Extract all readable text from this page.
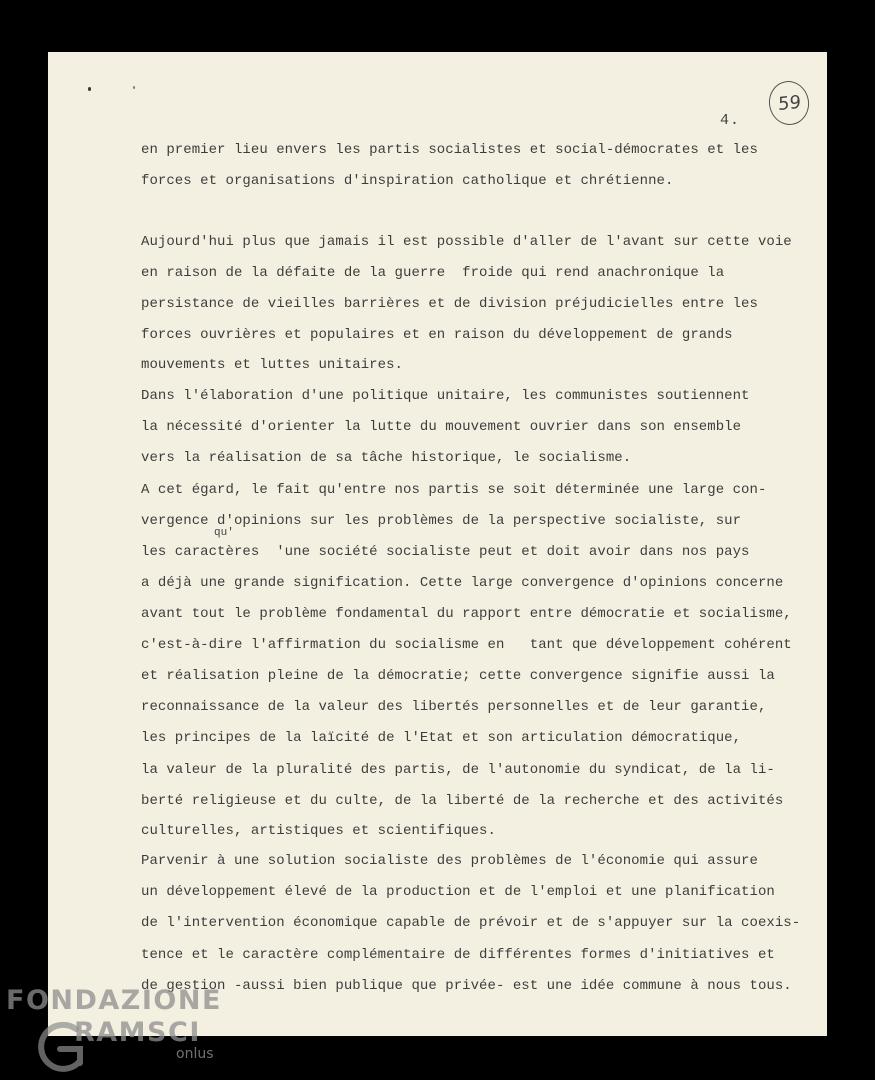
4.
59
en premier lieu envers les partis socialistes et social-démocrates et les
forces et organisations d'inspiration catholique et chrétienne.
Aujourd'hui plus que jamais il est possible d'aller de l'avant sur cette voie
en raison de la défaite de la guerre  froide qui rend anachronique la
persistance de vieilles barrières et de division préjudicielles entre les
forces ouvrières et populaires et en raison du développement de grands
mouvements et luttes unitaires.
Dans l'élaboration d'une politique unitaire, les communistes soutiennent
la nécessité d'orienter la lutte du mouvement ouvrier dans son ensemble
vers la réalisation de sa tâche historique, le socialisme.
A cet égard, le fait qu'entre nos partis se soit déterminée une large con-
vergence d'opinions sur les problèmes de la perspective socialiste, sur
qu'
les caractères  'une société socialiste peut et doit avoir dans nos pays
a déjà une grande signification. Cette large convergence d'opinions concerne
avant tout le problème fondamental du rapport entre démocratie et socialisme,
c'est-à-dire l'affirmation du socialisme en   tant que développement cohérent
et réalisation pleine de la démocratie; cette convergence signifie aussi la
reconnaissance de la valeur des libertés personnelles et de leur garantie,
les principes de la laïcité de l'Etat et son articulation démocratique,
la valeur de la pluralité des partis, de l'autonomie du syndicat, de la li-
berté religieuse et du culte, de la liberté de la recherche et des activités
culturelles, artistiques et scientifiques.
Parvenir à une solution socialiste des problèmes de l'économie qui assure
un développement élevé de la production et de l'emploi et une planification
de l'intervention économique capable de prévoir et de s'appuyer sur la coexis-
tence et le caractère complémentaire de différentes formes d'initiatives et
de gestion -aussi bien publique que privée- est une idée commune à nous tous.
FONDAZIONE
RAMSCI
onlus
